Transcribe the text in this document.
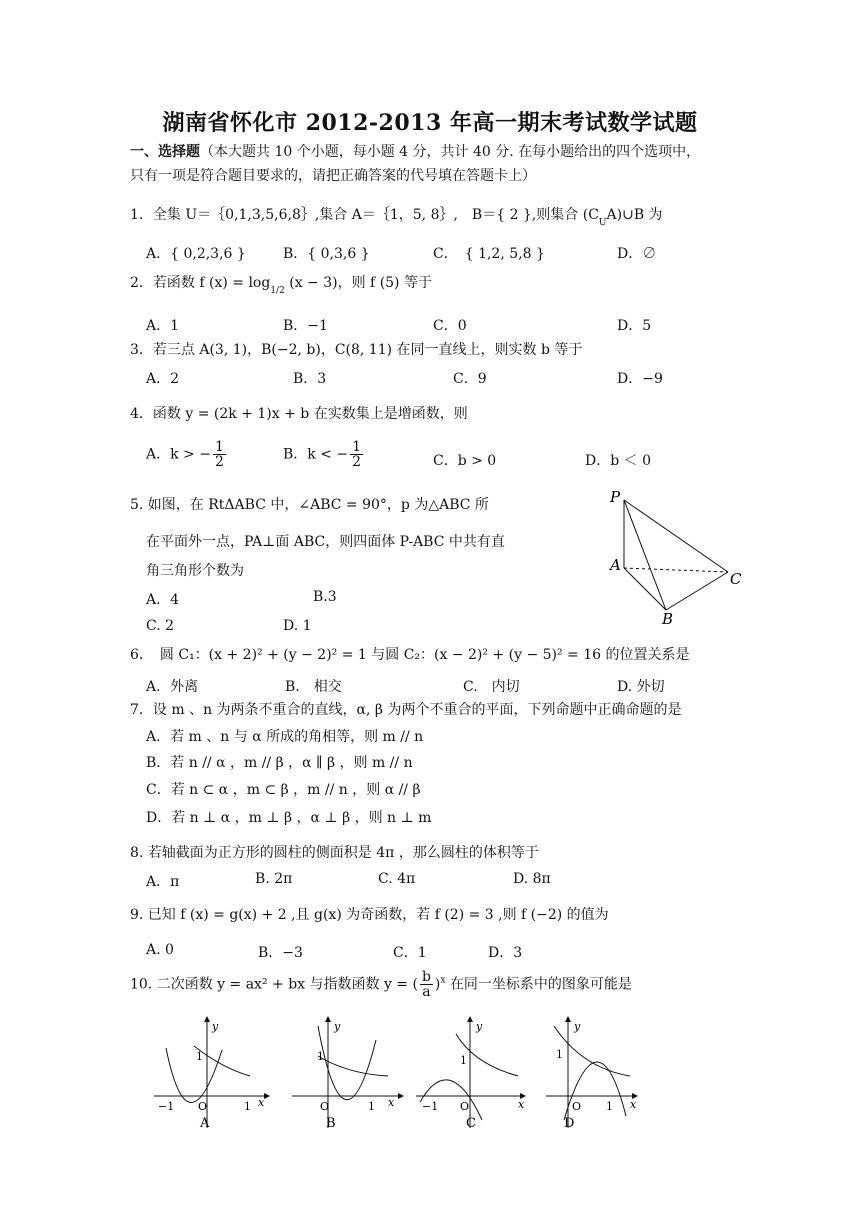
湖南省怀化市 2012-2013 年高一期末考试数学试题
一、选择题（本大题共 10 个小题，每小题 4 分，共计 40 分. 在每小题给出的四个选项中，
只有一项是符合题目要求的，请把正确答案的代号填在答题卡上）
1．全集 U＝｛0,1,3,5,6,8｝,集合 A＝｛1，5, 8｝,　B＝{ 2 },则集合 $(C_UA)\cup B$ 为
A．{ 0,2,3,6 }	B．{ 0,3,6 }	C．　{ 1,2, 5,8 }	D．∅
2．若函数 f $(x) = \log_{1/2} (x - 3)$，则 f (5) 等于
A．1	B．−1	C．0	D．5
3．若三点 A(3, 1)，B(−2, b)，C(8, 11) 在同一直线上，则实数 b 等于
A．2	B．3	C．9	D．−9
4．函数 y = (2k + 1)x + b 在实数集上是增函数，则
A．k > − $\frac{1}{2}$	B．k < − $\frac{1}{2}$	C．b > 0	D．b ＜ 0
5. 如图，在 RtΔABC 中，∠ABC = 90°，p 为△ABC 所
在平面外一点，PA⊥面 ABC，则四面体 P-ABC 中共有直
角三角形个数为
A．4	B.3
C. 2	D. 1
P
A
C
B
6．　圆 C₁：(x + 2)² + (y − 2)² = 1 与圆 C₂：(x − 2)² + (y − 5)² = 16 的位置关系是
A．外离	B.　相交	C.　内切	D. 外切
7．设 m 、n 为两条不重合的直线，α, β 为两个不重合的平面，下列命题中正确命题的是
A．若 m 、n 与 α 所成的角相等，则 m // n
B．若 n // α ，m // β ，α ∥ β ，则 m // n
C．若 n ⊂ α ，m ⊂ β ，m // n ，则 α // β
D．若 n ⊥ α ，m ⊥ β ，α ⊥ β ，则 n ⊥ m
8. 若轴截面为正方形的圆柱的侧面积是 4π ，那么圆柱的体积等于
A．π	B. 2π	C. 4π	D. 8π
9. 已知 f (x) = g(x) + 2 ,且 g(x) 为奇函数，若 f (2) = 3 ,则 f (−2) 的值为
A. 0	B．−3	C．1	D．3
10. 二次函数 y = ax² + bx 与指数函数 y = ( $\frac{b}{a} )^x$ 在同一坐标系中的图象可能是
y
x
1
−1 O	1
A
y
x
1
O	1
B
y
x
1
−1 O
C
y
x
1
O 1
D
